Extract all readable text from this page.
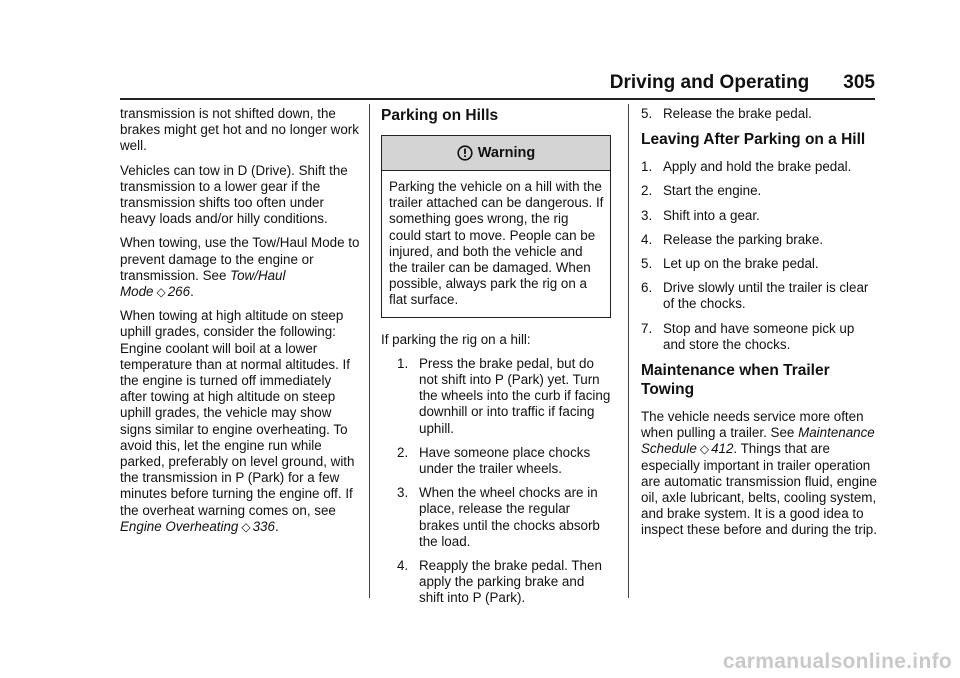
Driving and Operating 305

transmission is not shifted down, the brakes might get hot and no longer work well.

Vehicles can tow in D (Drive). Shift the transmission to a lower gear if the transmission shifts too often under heavy loads and/or hilly conditions.

When towing, use the Tow/Haul Mode to prevent damage to the engine or transmission. See Tow/Haul Mode ◇ 266.

When towing at high altitude on steep uphill grades, consider the following: Engine coolant will boil at a lower temperature than at normal altitudes. If the engine is turned off immediately after towing at high altitude on steep uphill grades, the vehicle may show signs similar to engine overheating. To avoid this, let the engine run while parked, preferably on level ground, with the transmission in P (Park) for a few minutes before turning the engine off. If the overheat warning comes on, see Engine Overheating ◇ 336.

Parking on Hills
Warning
Parking the vehicle on a hill with the trailer attached can be dangerous. If something goes wrong, the rig could start to move. People can be injured, and both the vehicle and the trailer can be damaged. When possible, always park the rig on a flat surface.

If parking the rig on a hill:

1. Press the brake pedal, but do not shift into P (Park) yet. Turn the wheels into the curb if facing downhill or into traffic if facing uphill.
2. Have someone place chocks under the trailer wheels.
3. When the wheel chocks are in place, release the regular brakes until the chocks absorb the load.
4. Reapply the brake pedal. Then apply the parking brake and shift into P (Park).
5. Release the brake pedal.
Leaving After Parking on a Hill
1. Apply and hold the brake pedal.
2. Start the engine.
3. Shift into a gear.
4. Release the parking brake.
5. Let up on the brake pedal.
6. Drive slowly until the trailer is clear of the chocks.
7. Stop and have someone pick up and store the chocks.
Maintenance when Trailer Towing

The vehicle needs service more often when pulling a trailer. See Maintenance Schedule ◇ 412. Things that are especially important in trailer operation are automatic transmission fluid, engine oil, axle lubricant, belts, cooling system, and brake system. It is a good idea to inspect these before and during the trip.

carmanualsonline.info
